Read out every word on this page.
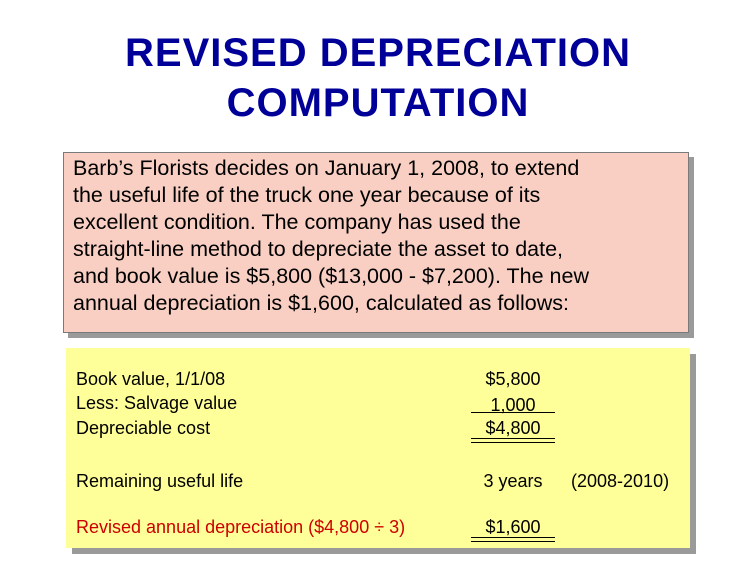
REVISED DEPRECIATION
COMPUTATION
Barb’s Florists decides on January 1, 2008, to extend
the useful life of the truck one year because of its
excellent condition. The company has used the
straight-line method to depreciate the asset to date,
and book value is $5,800 ($13,000 - $7,200). The new
annual depreciation is $1,600, calculated as follows:
Book value, 1/1/08	$5,800
Less: Salvage value	1,000
Depreciable cost	$4,800
Remaining useful life	3 years	(2008-2010)
Revised annual depreciation ($4,800 ÷ 3)	$1,600
